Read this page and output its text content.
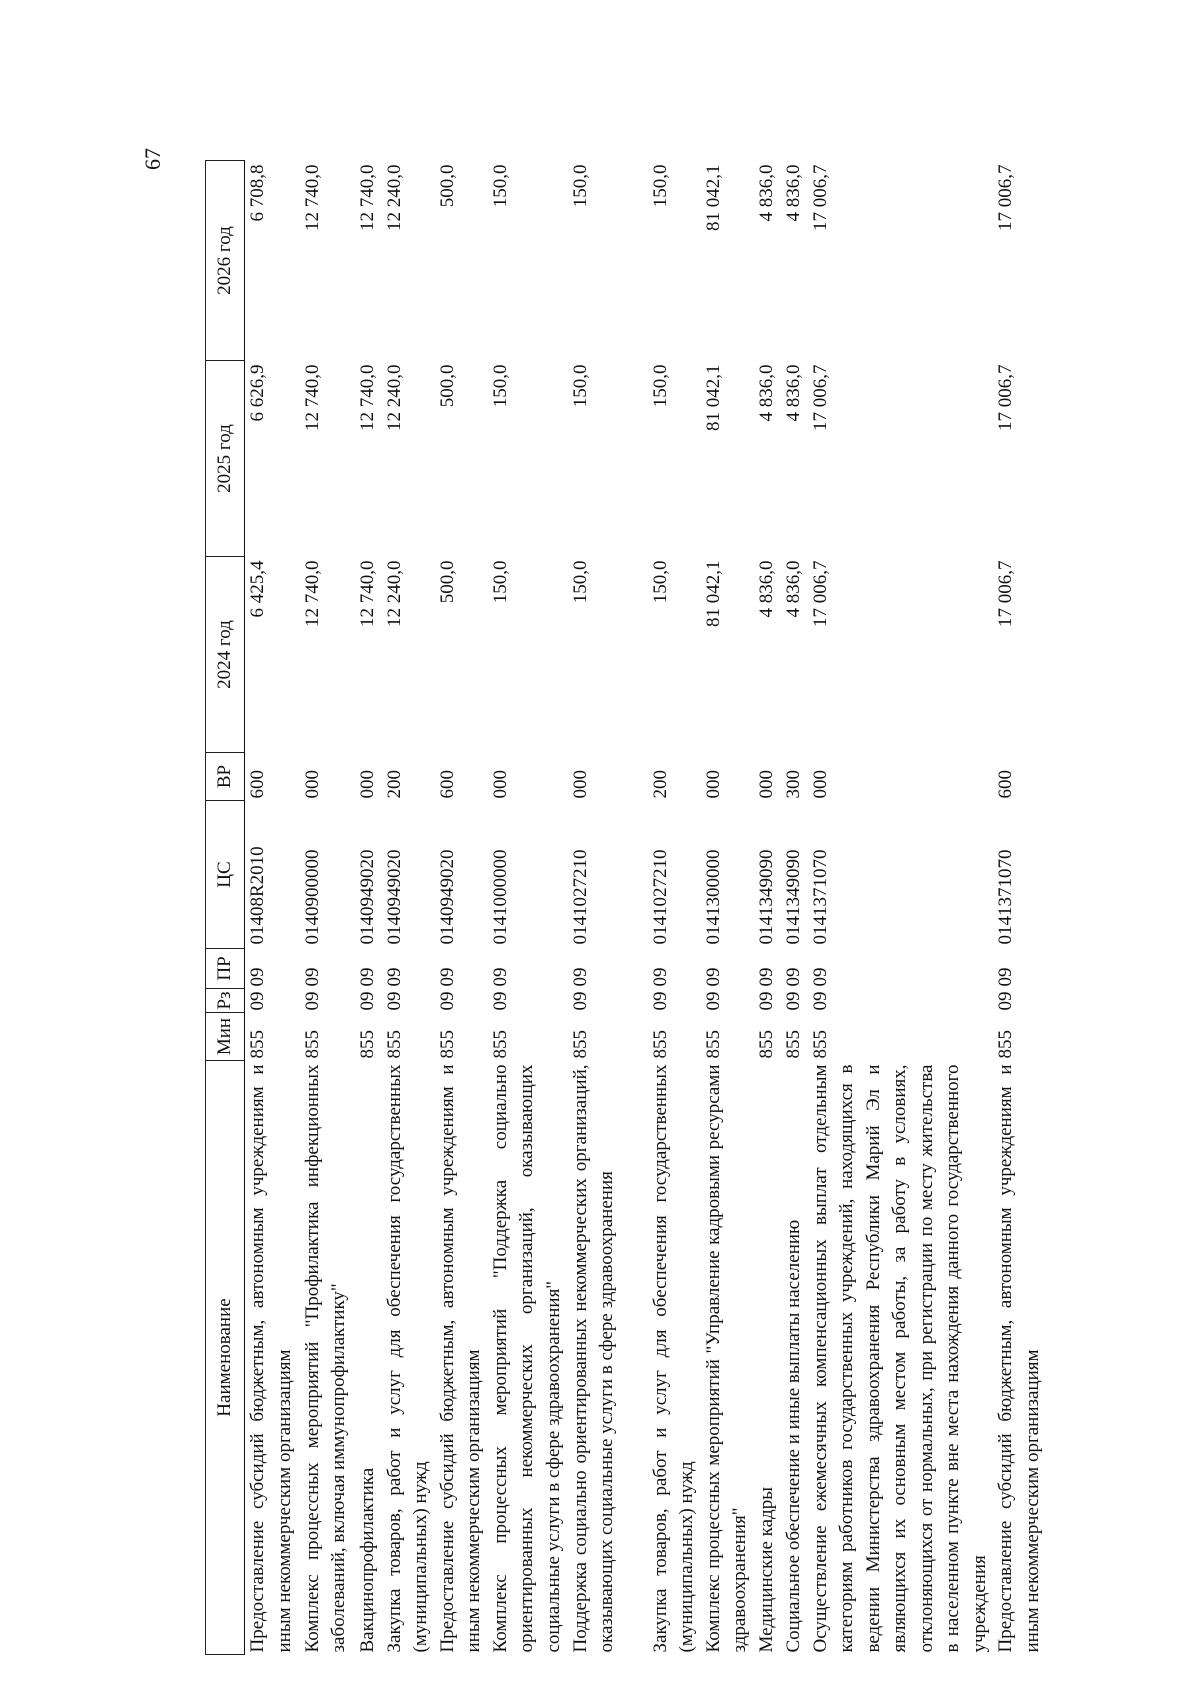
67
Наименование	Мин	Рз	ПР	ЦС	ВР	2024 год	2025 год	2026 год
Предоставление субсидий бюджетным, автономным учреждениям и иным некоммерческим организациям	855	09	09	01408R2010	600	6 425,4	6 626,9	6 708,8
Комплекс процессных мероприятий "Профилактика инфекционных заболеваний, включая иммунопрофилактику"	855	09	09	0140900000	000	12 740,0	12 740,0	12 740,0
Вакцинопрофилактика	855	09	09	0140949020	000	12 740,0	12 740,0	12 740,0
Закупка товаров, работ и услуг для обеспечения государственных (муниципальных) нужд	855	09	09	0140949020	200	12 240,0	12 240,0	12 240,0
Предоставление субсидий бюджетным, автономным учреждениям и иным некоммерческим организациям	855	09	09	0140949020	600	500,0	500,0	500,0
Комплекс процессных мероприятий "Поддержка социально ориентированных некоммерческих организаций, оказывающих социальные услуги в сфере здравоохранения"	855	09	09	0141000000	000	150,0	150,0	150,0
Поддержка социально ориентированных некоммерческих организаций, оказывающих социальные услуги в сфере здравоохранения	855	09	09	0141027210	000	150,0	150,0	150,0
Закупка товаров, работ и услуг для обеспечения государственных (муниципальных) нужд	855	09	09	0141027210	200	150,0	150,0	150,0
Комплекс процессных мероприятий "Управление кадровыми ресурсами здравоохранения"	855	09	09	0141300000	000	81 042,1	81 042,1	81 042,1
Медицинские кадры	855	09	09	0141349090	000	4 836,0	4 836,0	4 836,0
Социальное обеспечение и иные выплаты населению	855	09	09	0141349090	300	4 836,0	4 836,0	4 836,0
Осуществление ежемесячных компенсационных выплат отдельным категориям работников государственных учреждений, находящихся в ведении Министерства здравоохранения Республики Марий Эл и являющихся их основным местом работы, за работу в условиях, отклоняющихся от нормальных, при регистрации по месту жительства в населенном пункте вне места нахождения данного государственного учреждения	855	09	09	0141371070	000	17 006,7	17 006,7	17 006,7
Предоставление субсидий бюджетным, автономным учреждениям и иным некоммерческим организациям	855	09	09	0141371070	600	17 006,7	17 006,7	17 006,7
